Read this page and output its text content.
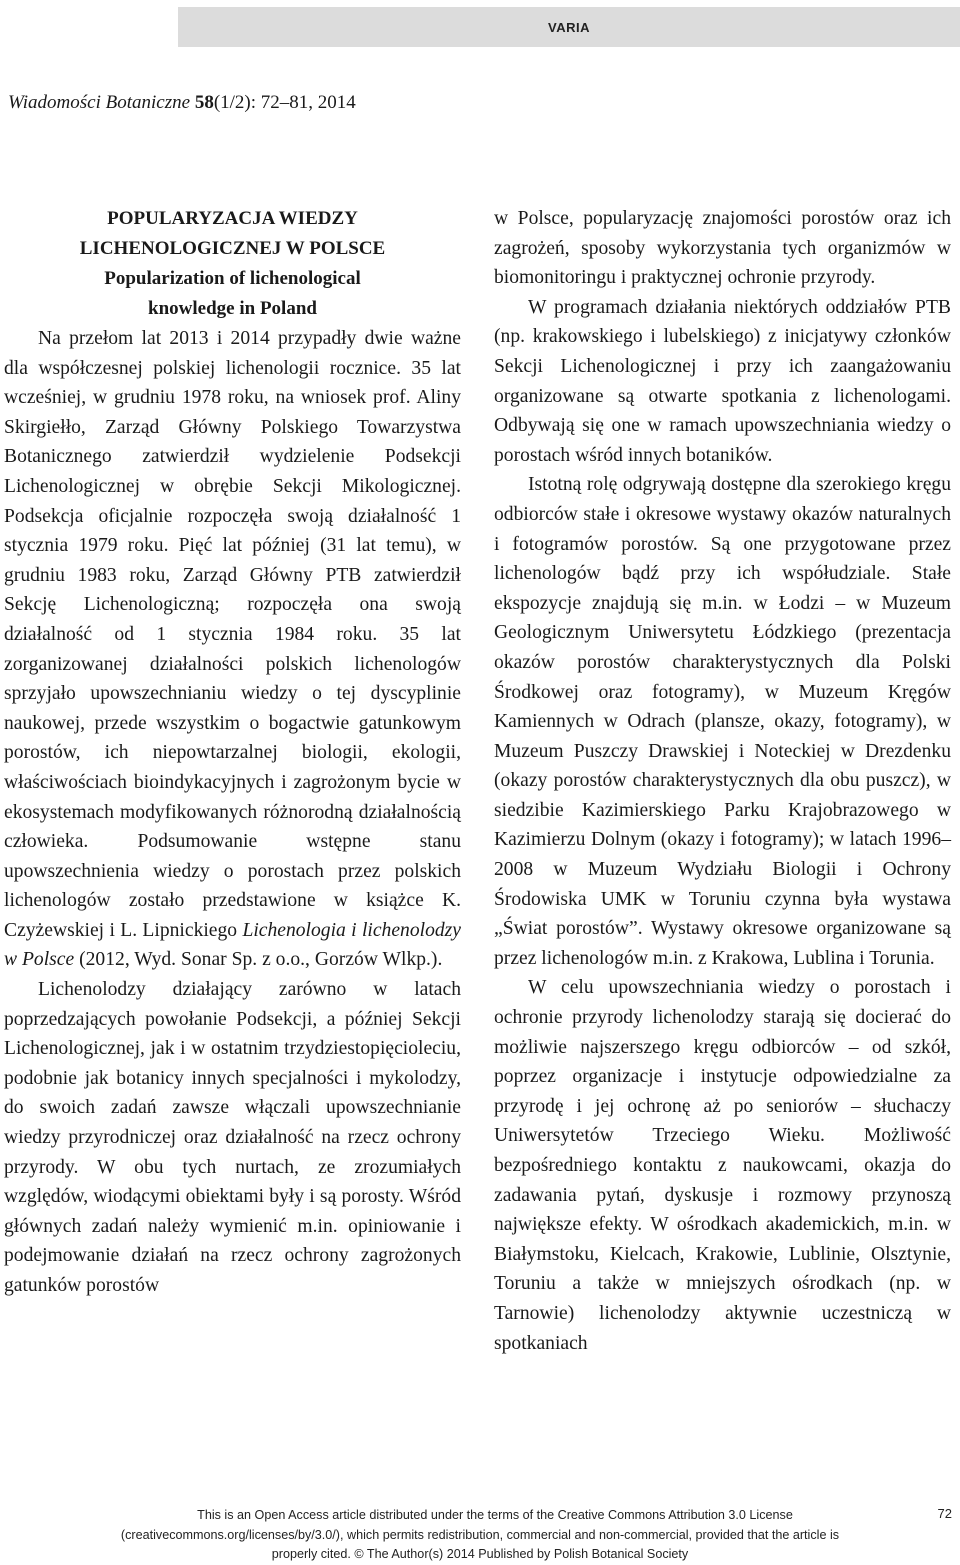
VARIA
Wiadomości Botaniczne 58(1/2): 72–81, 2014

POPULARYZACJA WIEDZY
LICHENOLOGICZNEJ W POLSCE

Popularization of lichenological
knowledge in Poland

Na przełom lat 2013 i 2014 przypadły dwie ważne dla współczesnej polskiej lichenologii rocznice. 35 lat wcześniej, w grudniu 1978 roku, na wniosek prof. Aliny Skirgiełło, Zarząd Główny Polskiego Towarzystwa Botanicznego zatwierdził wydzielenie Podsekcji Lichenologicznej w obrębie Sekcji Mikologicznej. Podsekcja oficjalnie rozpoczęła swoją działalność 1 stycznia 1979 roku. Pięć lat później (31 lat temu), w grudniu 1983 roku, Zarząd Główny PTB zatwierdził Sekcję Lichenologiczną; rozpoczęła ona swoją działalność od 1 stycznia 1984 roku. 35 lat zorganizowanej działalności polskich lichenologów sprzyjało upowszechnianiu wiedzy o tej dyscyplinie naukowej, przede wszystkim o bogactwie gatunkowym porostów, ich niepowtarzalnej biologii, ekologii, właściwościach bioindykacyjnych i zagrożonym bycie w ekosystemach modyfikowanych różnorodną działalnością człowieka. Podsumowanie wstępne stanu upowszechnienia wiedzy o porostach przez polskich lichenologów zostało przedstawione w książce K. Czyżewskiej i L. Lipnickiego Lichenologia i lichenolodzy w Polsce (2012, Wyd. Sonar Sp. z o.o., Gorzów Wlkp.).

Lichenolodzy działający zarówno w latach poprzedzających powołanie Podsekcji, a później Sekcji Lichenologicznej, jak i w ostatnim trzydziestopięcioleciu, podobnie jak botanicy innych specjalności i mykolodzy, do swoich zadań zawsze włączali upowszechnianie wiedzy przyrodniczej oraz działalność na rzecz ochrony przyrody. W obu tych nurtach, ze zrozumiałych względów, wiodącymi obiektami były i są porosty. Wśród głównych zadań należy wymienić m.in. opiniowanie i podejmowanie działań na rzecz ochrony zagrożonych gatunków porostów

w Polsce, popularyzację znajomości porostów oraz ich zagrożeń, sposoby wykorzystania tych organizmów w biomonitoringu i praktycznej ochronie przyrody.

W programach działania niektórych oddziałów PTB (np. krakowskiego i lubelskiego) z inicjatywy członków Sekcji Lichenologicznej i przy ich zaangażowaniu organizowane są otwarte spotkania z lichenologami. Odbywają się one w ramach upowszechniania wiedzy o porostach wśród innych botaników.

Istotną rolę odgrywają dostępne dla szerokiego kręgu odbiorców stałe i okresowe wystawy okazów naturalnych i fotogramów porostów. Są one przygotowane przez lichenologów bądź przy ich współudziale. Stałe ekspozycje znajdują się m.in. w Łodzi – w Muzeum Geologicznym Uniwersytetu Łódzkiego (prezentacja okazów porostów charakterystycznych dla Polski Środkowej oraz fotogramy), w Muzeum Kręgów Kamiennych w Odrach (plansze, okazy, fotogramy), w Muzeum Puszczy Drawskiej i Noteckiej w Drezdenku (okazy porostów charakterystycznych dla obu puszcz), w siedzibie Kazimierskiego Parku Krajobrazowego w Kazimierzu Dolnym (okazy i fotogramy); w latach 1996–2008 w Muzeum Wydziału Biologii i Ochrony Środowiska UMK w Toruniu czynna była wystawa „Świat porostów”. Wystawy okresowe organizowane są przez lichenologów m.in. z Krakowa, Lublina i Torunia.

W celu upowszechniania wiedzy o porostach i ochronie przyrody lichenolodzy starają się docierać do możliwie najszerszego kręgu odbiorców – od szkół, poprzez organizacje i instytucje odpowiedzialne za przyrodę i jej ochronę aż po seniorów – słuchaczy Uniwersytetów Trzeciego Wieku. Możliwość bezpośredniego kontaktu z naukowcami, okazja do zadawania pytań, dyskusje i rozmowy przynoszą największe efekty. W ośrodkach akademickich, m.in. w Białymstoku, Kielcach, Krakowie, Lublinie, Olsztynie, Toruniu a także w mniejszych ośrodkach (np. w Tarnowie) lichenolodzy aktywnie uczestniczą w spotkaniach

This is an Open Access article distributed under the terms of the Creative Commons Attribution 3.0 License
(creativecommons.org/licenses/by/3.0/), which permits redistribution, commercial and non-commercial, provided that the article is
properly cited. © The Author(s) 2014 Published by Polish Botanical Society
72
